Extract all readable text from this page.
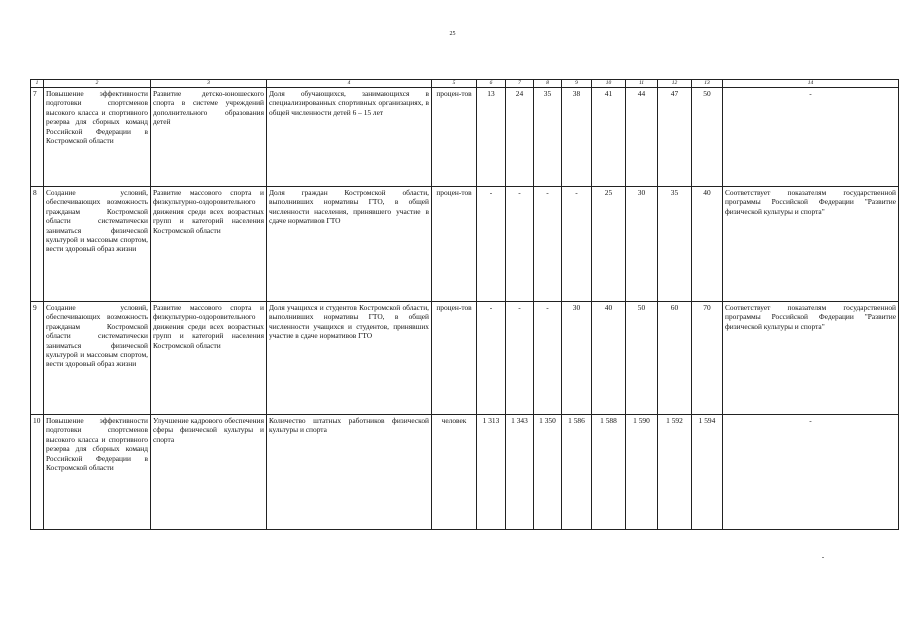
25
1	2	3	4	5	6	7	8	9	10	11	12	13	14
7	Повышение эффективности подготовки спортсменов высокого класса и спортивного резерва для сборных команд Российской Федерации в Костромской области	Развитие детско-юношеского спорта в системе учреждений дополнительного образования детей	Доля обучающихся, занимающихся в специализированных спортивных организациях, в общей численности детей 6 – 15 лет	процен-тов	13	24	35	38	41	44	47	50	-
8	Создание условий, обеспечивающих возможность гражданам Костромской области систематически заниматься физической культурой и массовым спортом, вести здоровый образ жизни	Развитие массового спорта и физкультурно-оздоровительного движения среди всех возрастных групп и категорий населения Костромской области	Доля граждан Костромской области, выполнивших нормативы ГТО, в общей численности населения, принявшего участие в сдаче нормативов ГТО	процен-тов	-	-	-	-	25	30	35	40	Соответствует показателям государственной программы Российской Федерации "Развитие физической культуры и спорта"
9	Создание условий, обеспечивающих возможность гражданам Костромской области систематически заниматься физической культурой и массовым спортом, вести здоровый образ жизни	Развитие массового спорта и физкультурно-оздоровительного движения среди всех возрастных групп и категорий населения Костромской области	Доля учащихся и студентов Костромской области, выполнивших нормативы ГТО, в общей численности учащихся и студентов, принявших участие в сдаче нормативов ГТО	процен-тов	-	-	-	30	40	50	60	70	Соответствует показателям государственной программы Российской Федерации "Развитие физической культуры и спорта"
10	Повышение эффективности подготовки спортсменов высокого класса и спортивного резерва для сборных команд Российской Федерации в Костромской области	Улучшение кадрового обеспечения сферы физической культуры и спорта	Количество штатных работников физической культуры и спорта	человек	1 313	1 343	1 350	1 586	1 588	1 590	1 592	1 594	-
